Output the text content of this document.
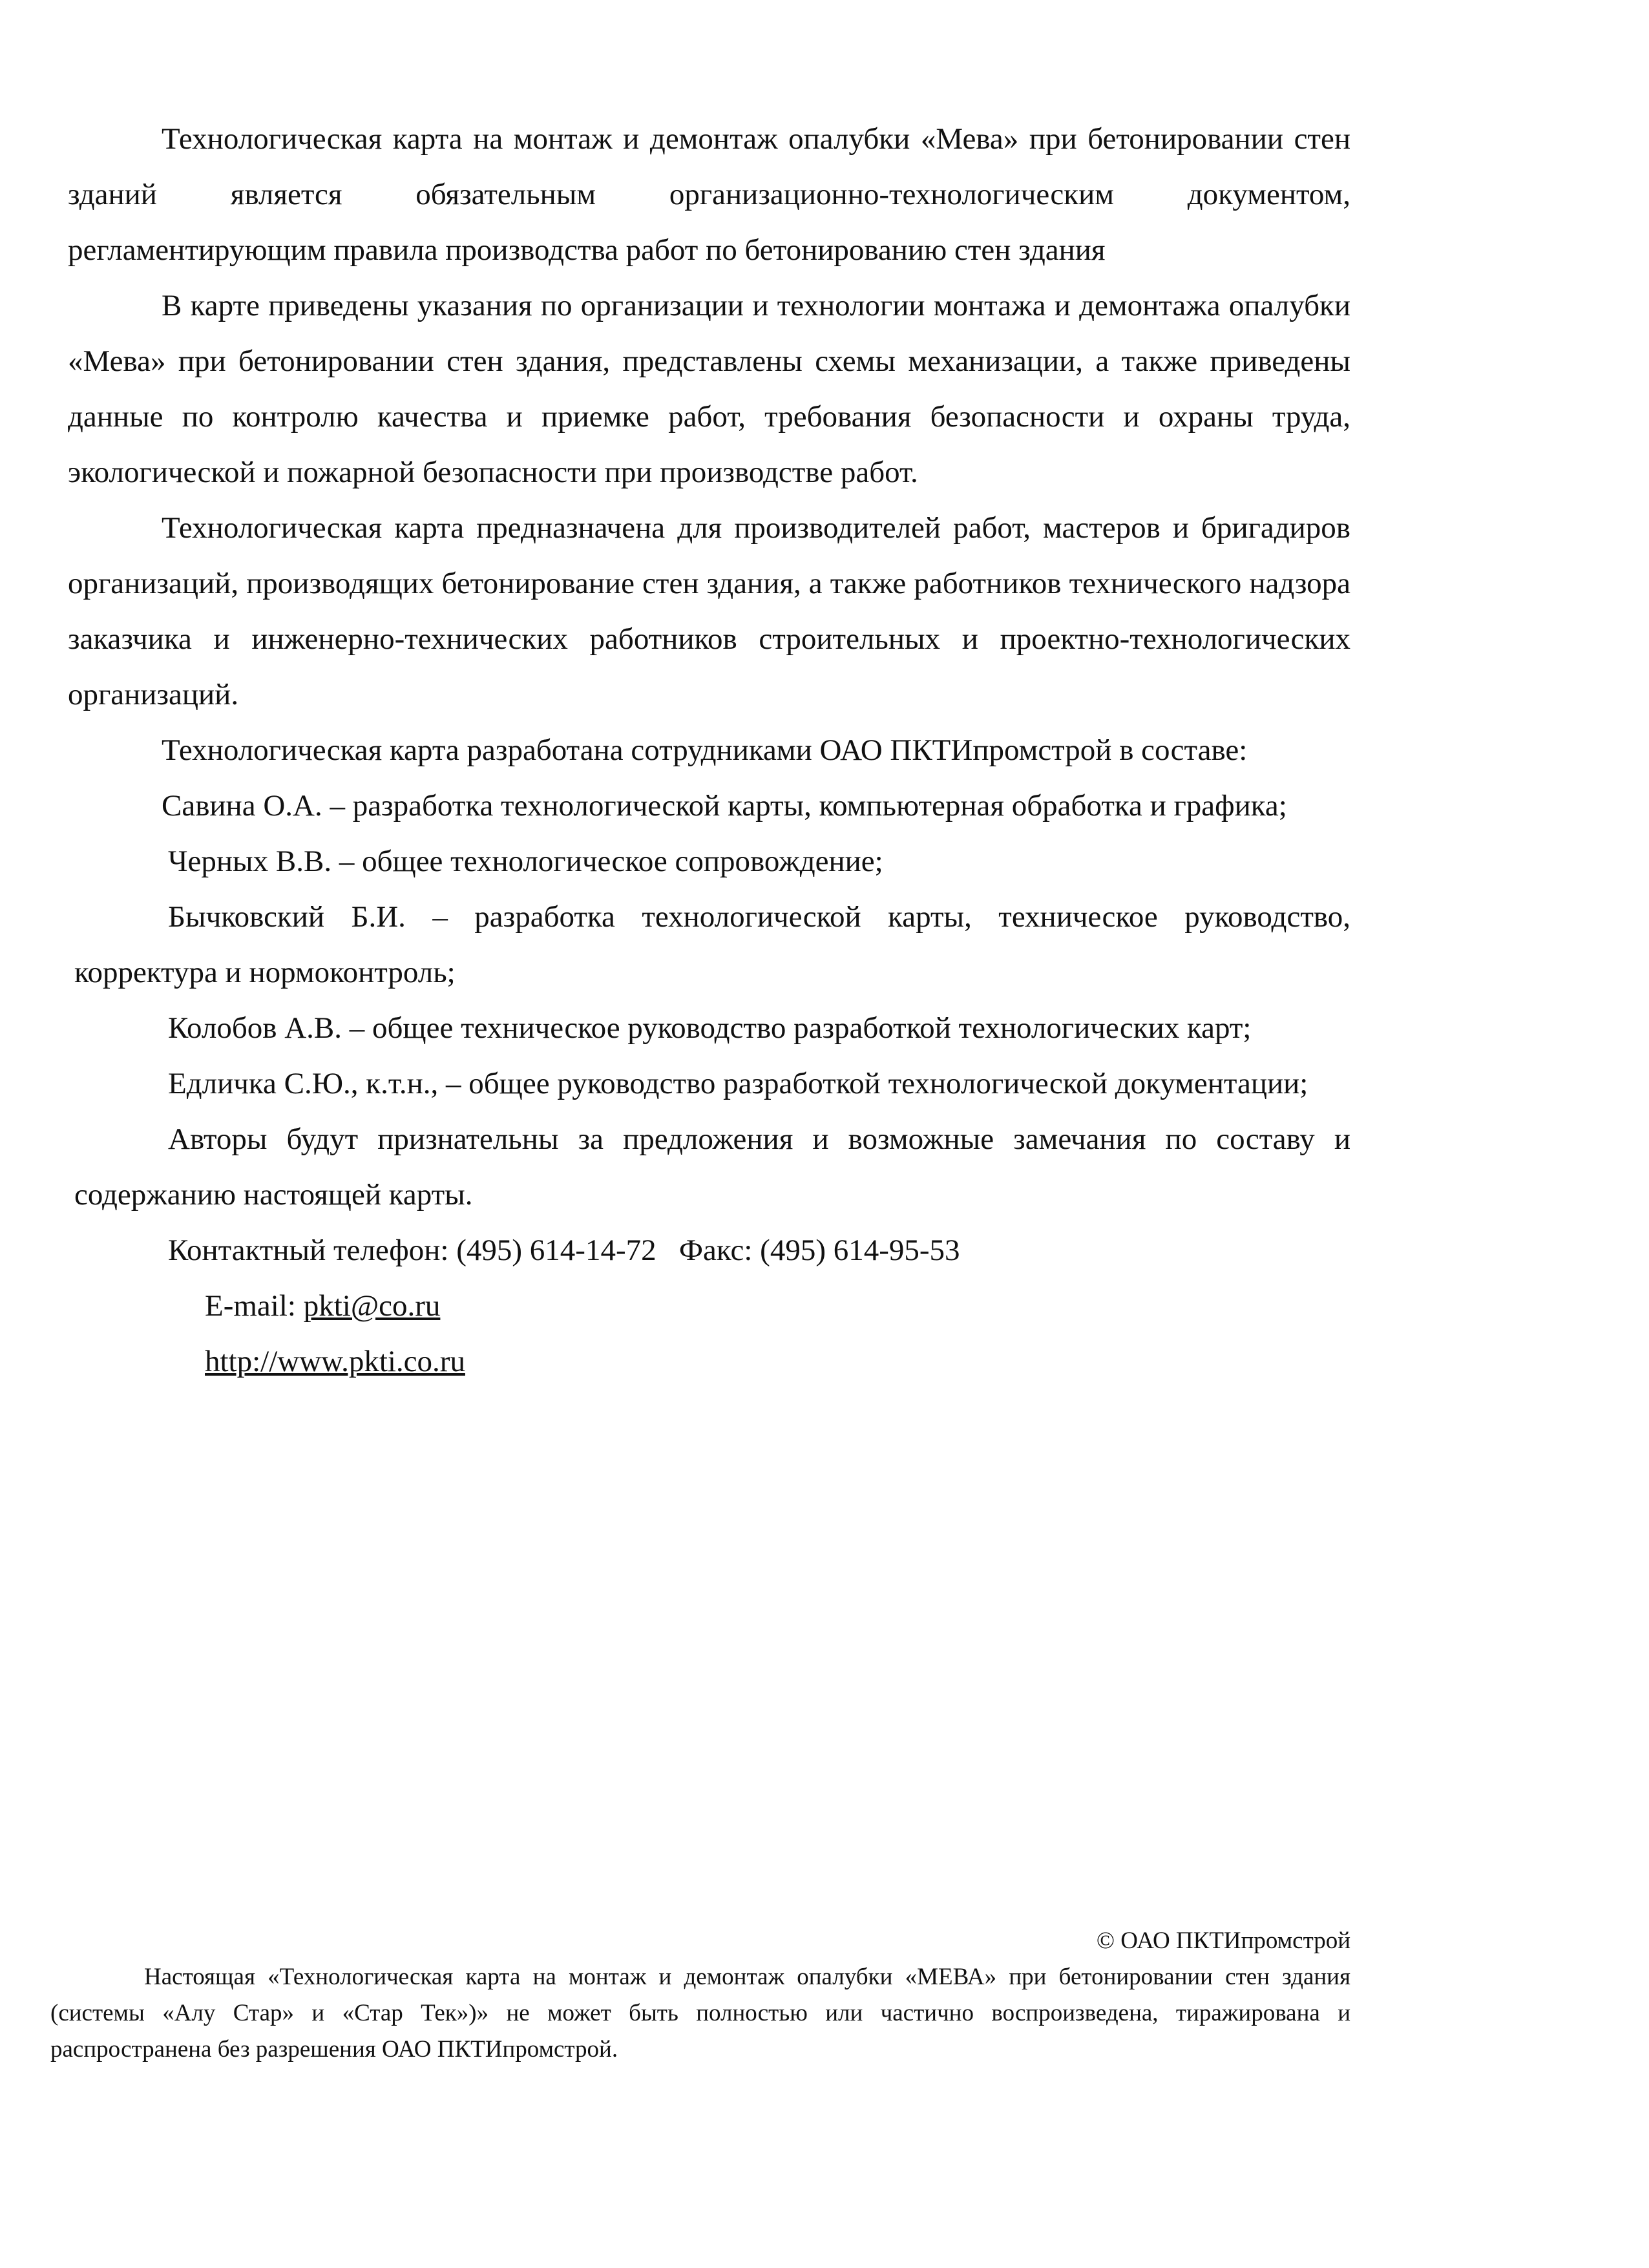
Технологическая карта на монтаж и демонтаж опалубки «Мева» при бетонировании стен зданий является обязательным организационно-технологическим документом, регламентирующим правила производства работ по бетонированию стен здания

В карте приведены указания по организации и технологии монтажа и демонтажа опалубки «Мева» при бетонировании стен здания, представлены схемы механизации, а также приведены данные по контролю качества и приемке работ, требования безопасности и охраны труда, экологической и пожарной безопасности при производстве работ.

Технологическая карта предназначена для производителей работ, мастеров и бригадиров организаций, производящих бетонирование стен здания, а также работников технического надзора заказчика и инженерно-технических работников строительных и проектно-технологических организаций.

Технологическая карта разработана сотрудниками ОАО ПКТИпромстрой в составе:

Савина О.А. – разработка технологической карты, компьютерная обработка и графика;

Черных В.В. – общее технологическое сопровождение;

Бычковский Б.И. – разработка технологической карты, техническое руководство, корректура и нормоконтроль;

Колобов А.В. – общее техническое руководство разработкой технологических карт;

Едличка С.Ю., к.т.н., – общее руководство разработкой технологической документации;

Авторы будут признательны за предложения и возможные замечания по составу и содержанию настоящей карты.

Контактный телефон: (495) 614-14-72 Факс: (495) 614-95-53

E-mail: pkti@co.ru

http://www.pkti.co.ru

© ОАО ПКТИпромстрой

Настоящая «Технологическая карта на монтаж и демонтаж опалубки «МЕВА» при бетонировании стен здания (системы «Алу Стар» и «Стар Тек»)» не может быть полностью или частично воспроизведена, тиражирована и распространена без разрешения ОАО ПКТИпромстрой.
